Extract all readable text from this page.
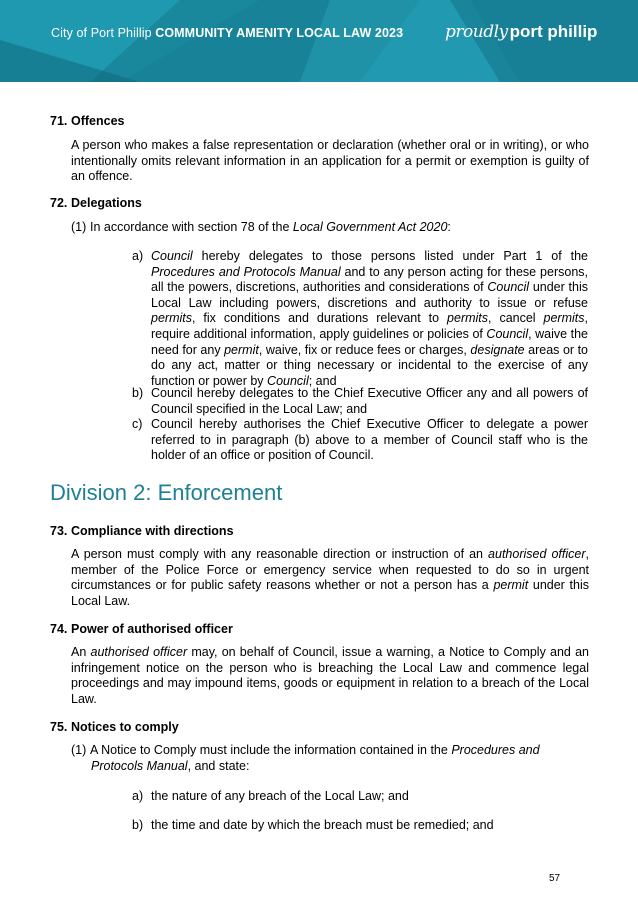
City of Port Phillip COMMUNITY AMENITY LOCAL LAW 2023 proudly port phillip
71. Offences
A person who makes a false representation or declaration (whether oral or in writing), or who intentionally omits relevant information in an application for a permit or exemption is guilty of an offence.
72. Delegations
(1) In accordance with section 78 of the Local Government Act 2020:
a) Council hereby delegates to those persons listed under Part 1 of the Procedures and Protocols Manual and to any person acting for these persons, all the powers, discretions, authorities and considerations of Council under this Local Law including powers, discretions and authority to issue or refuse permits, fix conditions and durations relevant to permits, cancel permits, require additional information, apply guidelines or policies of Council, waive the need for any permit, waive, fix or reduce fees or charges, designate areas or to do any act, matter or thing necessary or incidental to the exercise of any function or power by Council; and
b) Council hereby delegates to the Chief Executive Officer any and all powers of Council specified in the Local Law; and
c) Council hereby authorises the Chief Executive Officer to delegate a power referred to in paragraph (b) above to a member of Council staff who is the holder of an office or position of Council.
Division 2: Enforcement
73. Compliance with directions
A person must comply with any reasonable direction or instruction of an authorised officer, member of the Police Force or emergency service when requested to do so in urgent circumstances or for public safety reasons whether or not a person has a permit under this Local Law.
74. Power of authorised officer
An authorised officer may, on behalf of Council, issue a warning, a Notice to Comply and an infringement notice on the person who is breaching the Local Law and commence legal proceedings and may impound items, goods or equipment in relation to a breach of the Local Law.
75. Notices to comply
(1) A Notice to Comply must include the information contained in the Procedures and
Protocols Manual, and state:
a) the nature of any breach of the Local Law; and
b) the time and date by which the breach must be remedied; and
57
